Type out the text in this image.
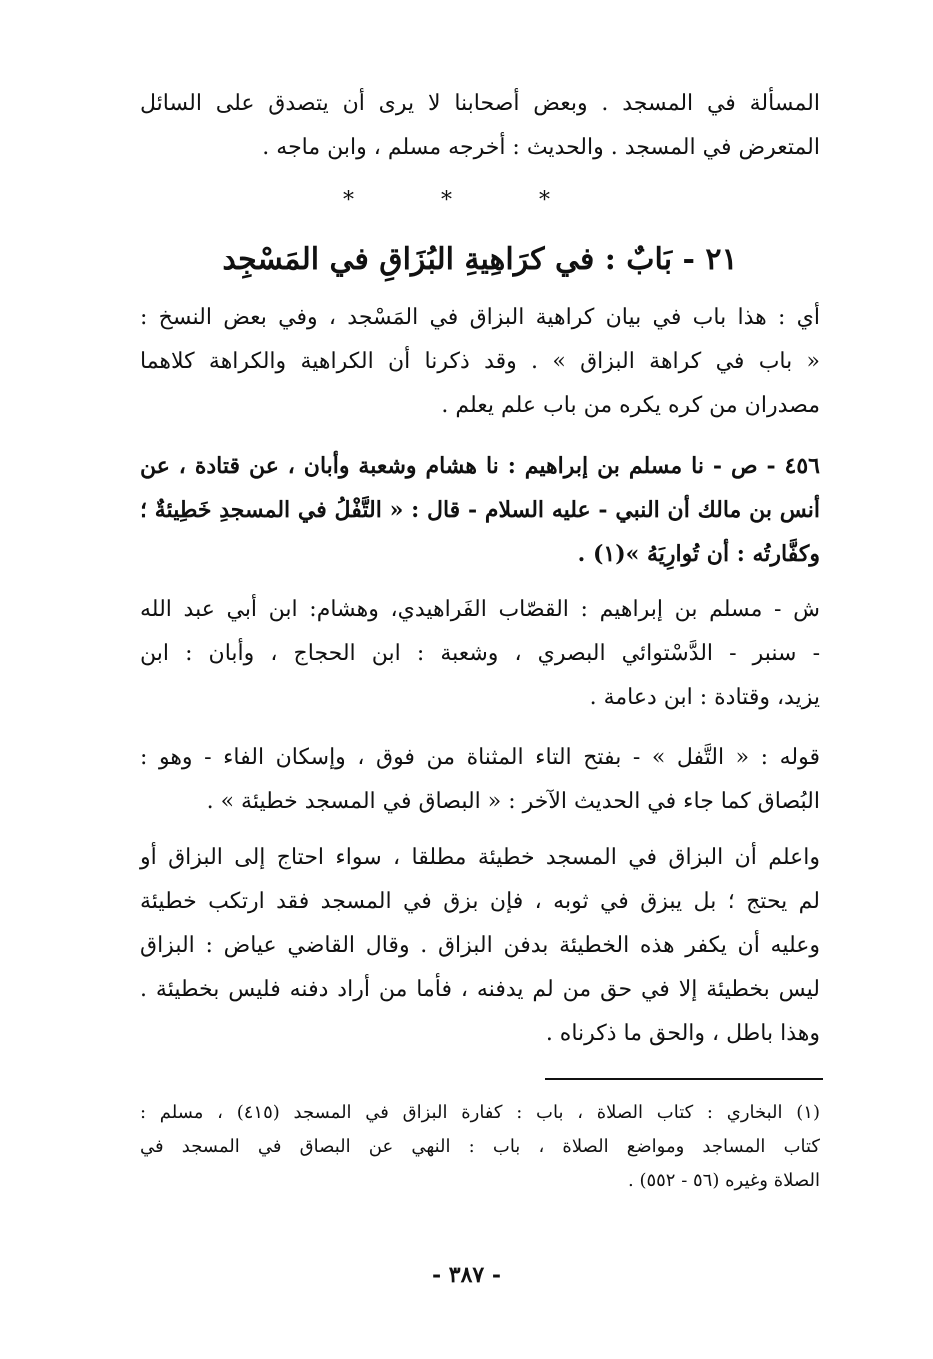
المسألة في المسجد . وبعض أصحابنا لا يرى أن يتصدق على السائل
المتعرض في المسجد . والحديث : أخرجه مسلم ، وابن ماجه .
* * *
٢١ - بَابٌ : في كرَاهِيةِ البُزَاقِ في المَسْجِد
أي : هذا باب في بيان كراهية البزاق في المَسْجد ، وفي بعض النسخ :
« باب في كراهة البزاق » . وقد ذكرنا أن الكراهية والكراهة كلاهما
مصدران من كره يكره من باب علم يعلم .
٤٥٦ - ص - نا مسلم بن إبراهيم : نا هشام وشعبة وأبان ، عن قتادة ، عن
أنس بن مالك أن النبي - عليه السلام - قال : « التَّفْلُ في المسجدِ خَطِيئةٌ ؛
وكفَّارتُه : أن تُوارِيَهُ »(١) .
ش - مسلم بن إبراهيم : القصّاب الفَراهيدي، وهشام: ابن أبي عبد الله
- سنبر - الدَّسْتوائي البصري ، وشعبة : ابن الحجاج ، وأبان : ابن
يزيد، وقتادة : ابن دعامة .
قوله : « التَّفل » - بفتح التاء المثناة من فوق ، وإسكان الفاء - وهو :
البُصاق كما جاء في الحديث الآخر : « البصاق في المسجد خطيئة » .
واعلم أن البزاق في المسجد خطيئة مطلقا ، سواء احتاج إلى البزاق أو
لم يحتج ؛ بل يبزق في ثوبه ، فإن بزق في المسجد فقد ارتكب خطيئة
وعليه أن يكفر هذه الخطيئة بدفن البزاق . وقال القاضي عياض : البزاق
ليس بخطيئة إلا في حق من لم يدفنه ، فأما من أراد دفنه فليس بخطيئة .
وهذا باطل ، والحق ما ذكرناه .
(١) البخاري : كتاب الصلاة ، باب : كفارة البزاق في المسجد (٤١٥) ، مسلم :
كتاب المساجد ومواضع الصلاة ، باب : النهي عن البصاق في المسجد في
الصلاة وغيره (٥٦ - ٥٥٢) .
- ٣٨٧ -
